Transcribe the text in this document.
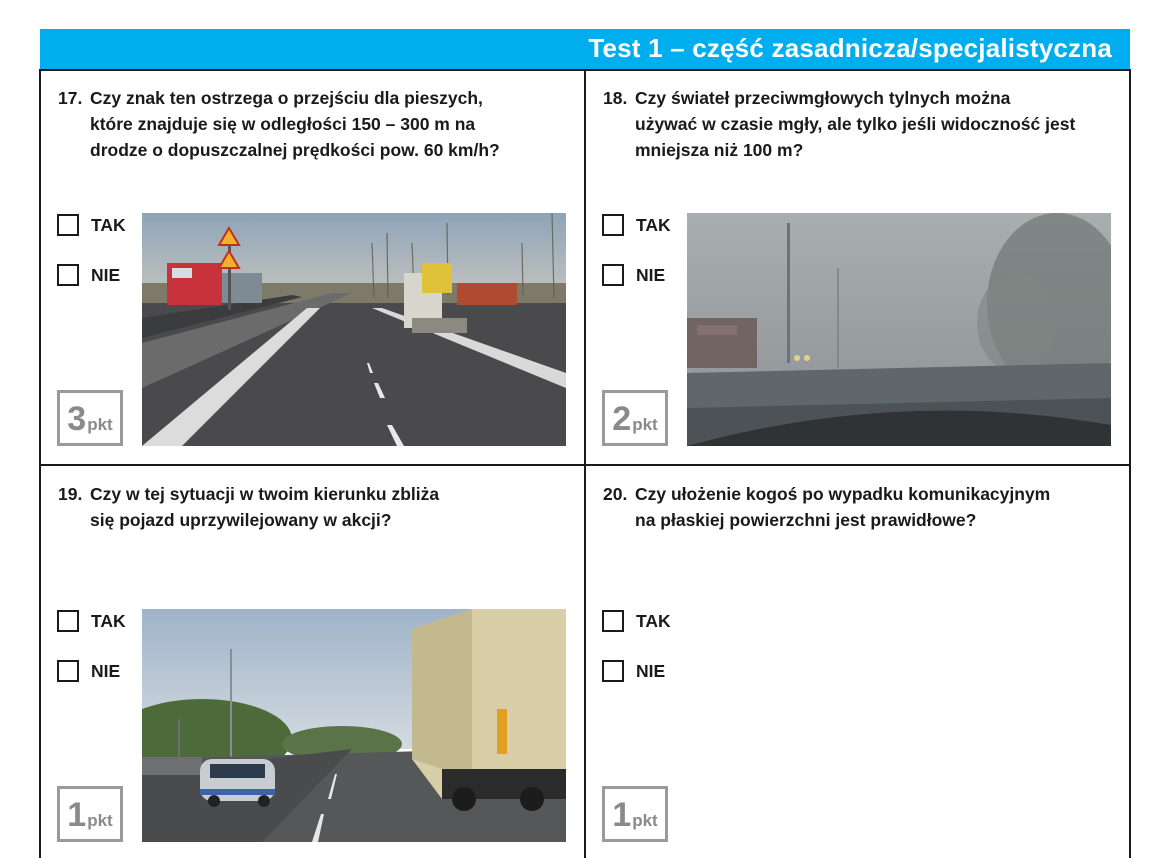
Test 1 – część zasadnicza/specjalistyczna
17. Czy znak ten ostrzega o przejściu dla pieszych,
które znajduje się w odległości 150 – 300 m na
drodze o dopuszczalnej prędkości pow. 60 km/h?
TAK
NIE
3 pkt
18. Czy świateł przeciwmgłowych tylnych można
używać w czasie mgły, ale tylko jeśli widoczność jest
mniejsza niż 100 m?
TAK
NIE
2 pkt
19. Czy w tej sytuacji w twoim kierunku zbliża
się pojazd uprzywilejowany w akcji?
TAK
NIE
1 pkt
20. Czy ułożenie kogoś po wypadku komunikacyjnym
na płaskiej powierzchni jest prawidłowe?
TAK
NIE
1 pkt
